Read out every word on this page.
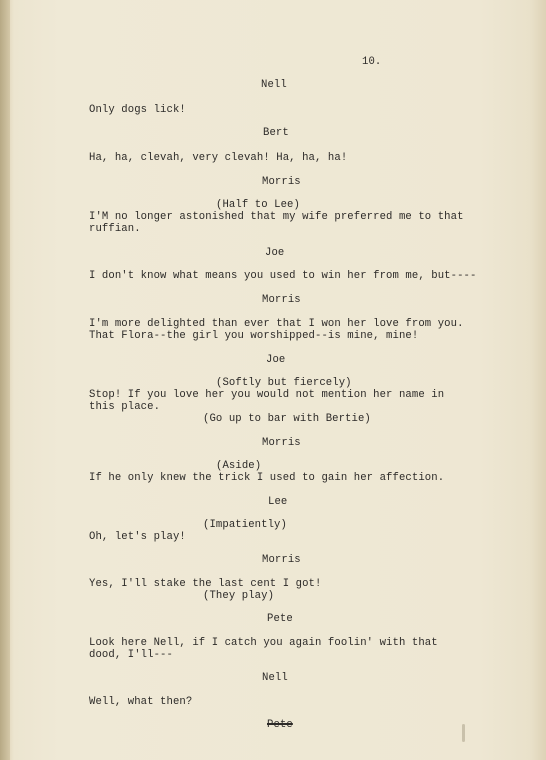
10.
Nell
Only dogs lick!
Bert
Ha, ha, clevah, very clevah! Ha, ha, ha!
Morris
(Half to Lee)
I'M no longer astonished that my wife preferred me to that
ruffian.
Joe
I don't know what means you used to win her from me, but----
Morris
I'm more delighted than ever that I won her love from you.
That Flora--the girl you worshipped--is mine, mine!
Joe
(Softly but fiercely)
Stop! If you love her you would not mention her name in
this place.
(Go up to bar with Bertie)
Morris
(Aside)
If he only knew the trick I used to gain her affection.
Lee
(Impatiently)
Oh, let's play!
Morris
Yes, I'll stake the last cent I got!
(They play)
Pete
Look here Nell, if I catch you again foolin' with that
dood, I'll---
Nell
Well, what then?
Pete
